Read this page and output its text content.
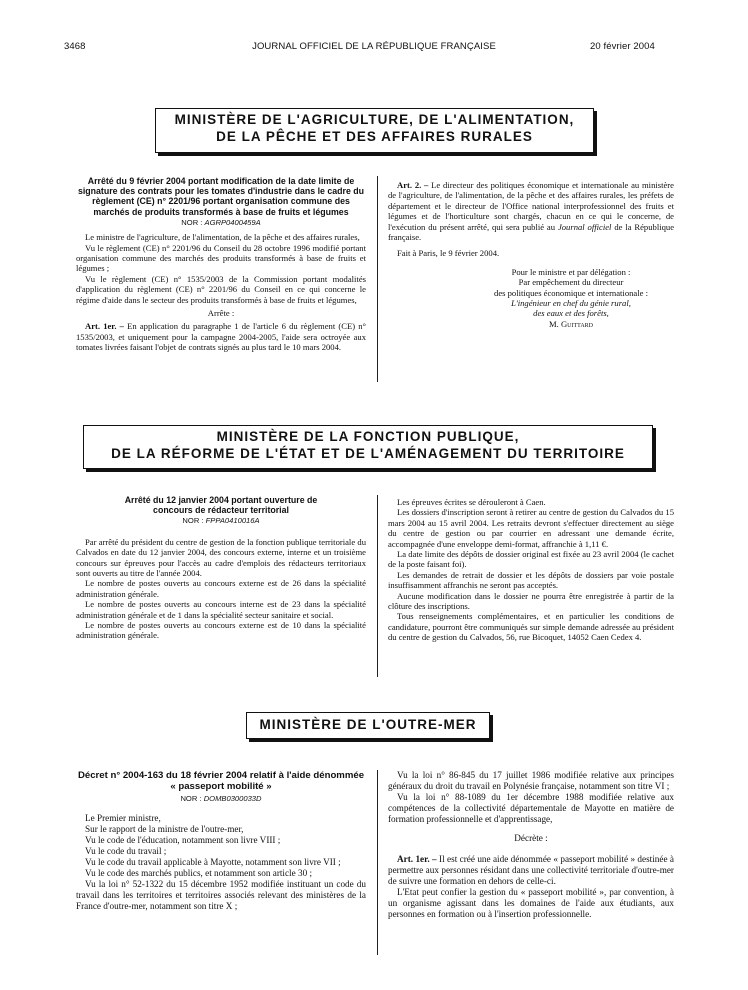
3468	JOURNAL OFFICIEL DE LA RÉPUBLIQUE FRANÇAISE	20 février 2004
MINISTÈRE DE L'AGRICULTURE, DE L'ALIMENTATION,
DE LA PÊCHE ET DES AFFAIRES RURALES

Arrêté du 9 février 2004 portant modification de la date limite de signature des contrats pour les tomates d'industrie dans le cadre du règlement (CE) n° 2201/96 portant organisation commune des marchés de produits transformés à base de fruits et légumes

NOR : AGRP0400459A

Le ministre de l'agriculture, de l'alimentation, de la pêche et des affaires rurales,

Vu le règlement (CE) n° 2201/96 du Conseil du 28 octobre 1996 modifié portant organisation commune des marchés des produits transformés à base de fruits et légumes ;

Vu le règlement (CE) n° 1535/2003 de la Commission portant modalités d'application du règlement (CE) n° 2201/96 du Conseil en ce qui concerne le régime d'aide dans le secteur des produits transformés à base de fruits et légumes,

Arrête :

Art. 1er. – En application du paragraphe 1 de l'article 6 du règlement (CE) n° 1535/2003, et uniquement pour la campagne 2004-2005, l'aide sera octroyée aux tomates livrées faisant l'objet de contrats signés au plus tard le 10 mars 2004.

Art. 2. – Le directeur des politiques économique et internationale au ministère de l'agriculture, de l'alimentation, de la pêche et des affaires rurales, les préfets de département et le directeur de l'Office national interprofessionnel des fruits et légumes et de l'horticulture sont chargés, chacun en ce qui le concerne, de l'exécution du présent arrêté, qui sera publié au Journal officiel de la République française.

Fait à Paris, le 9 février 2004.

Pour le ministre et par délégation :

Par empêchement du directeur

des politiques économique et internationale :

L'ingénieur en chef du génie rural,

des eaux et des forêts,

M. Guittard

MINISTÈRE DE LA FONCTION PUBLIQUE,
DE LA RÉFORME DE L'ÉTAT ET DE L'AMÉNAGEMENT DU TERRITOIRE

Arrêté du 12 janvier 2004 portant ouverture de concours de rédacteur territorial

NOR : FPPA0410016A

Par arrêté du président du centre de gestion de la fonction publique territoriale du Calvados en date du 12 janvier 2004, des concours externe, interne et un troisième concours sur épreuves pour l'accès au cadre d'emplois des rédacteurs territoriaux sont ouverts au titre de l'année 2004.

Le nombre de postes ouverts au concours externe est de 26 dans la spécialité administration générale.

Le nombre de postes ouverts au concours interne est de 23 dans la spécialité administration générale et de 1 dans la spécialité secteur sanitaire et social.

Le nombre de postes ouverts au concours externe est de 10 dans la spécialité administration générale.

Les épreuves écrites se dérouleront à Caen.

Les dossiers d'inscription seront à retirer au centre de gestion du Calvados du 15 mars 2004 au 15 avril 2004. Les retraits devront s'effectuer directement au siège du centre de gestion ou par courrier en adressant une demande écrite, accompagnée d'une enveloppe demi-format, affranchie à 1,11 €.

La date limite des dépôts de dossier original est fixée au 23 avril 2004 (le cachet de la poste faisant foi).

Les demandes de retrait de dossier et les dépôts de dossiers par voie postale insuffisamment affranchis ne seront pas acceptés.

Aucune modification dans le dossier ne pourra être enregistrée à partir de la clôture des inscriptions.

Tous renseignements complémentaires, et en particulier les conditions de candidature, pourront être communiqués sur simple demande adressée au président du centre de gestion du Calvados, 56, rue Bicoquet, 14052 Caen Cedex 4.

MINISTÈRE DE L'OUTRE-MER

Décret n° 2004-163 du 18 février 2004 relatif à l'aide dénommée « passeport mobilité »

NOR : DOMB0300033D

Le Premier ministre,

Sur le rapport de la ministre de l'outre-mer,

Vu le code de l'éducation, notamment son livre VIII ;

Vu le code du travail ;

Vu le code du travail applicable à Mayotte, notamment son livre VII ;

Vu le code des marchés publics, et notamment son article 30 ;

Vu la loi n° 52-1322 du 15 décembre 1952 modifiée instituant un code du travail dans les territoires et territoires associés relevant des ministères de la France d'outre-mer, notamment son titre X ;

Vu la loi n° 86-845 du 17 juillet 1986 modifiée relative aux principes généraux du droit du travail en Polynésie française, notamment son titre VI ;

Vu la loi n° 88-1089 du 1er décembre 1988 modifiée relative aux compétences de la collectivité départementale de Mayotte en matière de formation professionnelle et d'apprentissage,

Décrète :

Art. 1er. – Il est créé une aide dénommée « passeport mobilité » destinée à permettre aux personnes résidant dans une collectivité territoriale d'outre-mer de suivre une formation en dehors de celle-ci.

L'Etat peut confier la gestion du « passeport mobilité », par convention, à un organisme agissant dans les domaines de l'aide aux étudiants, aux personnes en formation ou à l'insertion professionnelle.
